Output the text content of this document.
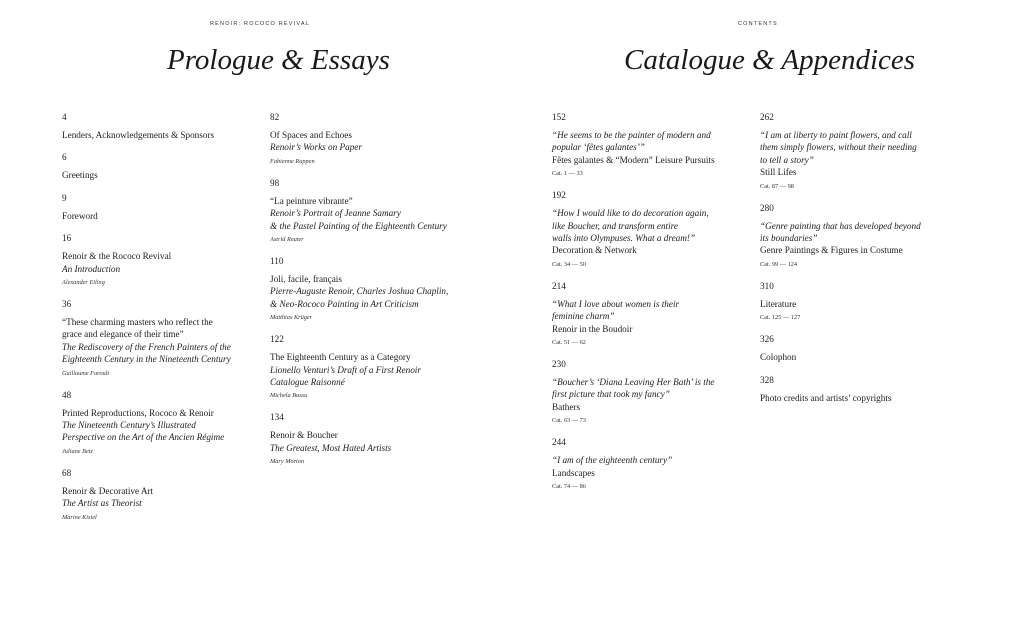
RENOIR: ROCOCO REVIVAL
Prologue & Essays
4
Lenders, Acknowledgements & Sponsors
6
Greetings
9
Foreword
16
Renoir & the Rococo Revival
An Introduction
Alexander Eiling
36
“These charming masters who reflect the
grace and elegance of their time”
The Rediscovery of the French Painters of the
Eighteenth Century in the Nineteenth Century
Guillaume Faroult
48
Printed Reproductions, Rococo & Renoir
The Nineteenth Century’s Illustrated
Perspective on the Art of the Ancien Régime
Juliane Betz
68
Renoir & Decorative Art
The Artist as Theorist
Marine Kisiel
82
Of Spaces and Echoes
Renoir’s Works on Paper
Fabienne Ruppen
98
“La peinture vibrante”
Renoir’s Portrait of Jeanne Samary
& the Pastel Painting of the Eighteenth Century
Astrid Reuter
110
Joli, facile, français
Pierre-Auguste Renoir, Charles Joshua Chaplin,
& Neo-Rococo Painting in Art Criticism
Matthias Krüger
122
The Eighteenth Century as a Category
Lionello Venturi’s Draft of a First Renoir
Catalogue Raisonné
Michela Bassu
134
Renoir & Boucher
The Greatest, Most Hated Artists
Mary Morton
CONTENTS
Catalogue & Appendices
152
“He seems to be the painter of modern and
popular ‘fêtes galantes’”
Fêtes galantes & “Modern” Leisure Pursuits
Cat. 1 — 33
192
“How I would like to do decoration again,
like Boucher, and transform entire
walls into Olympuses. What a dream!”
Decoration & Network
Cat. 34 — 50
214
“What I love about women is their
feminine charm”
Renoir in the Boudoir
Cat. 51 — 62
230
“Boucher’s ‘Diana Leaving Her Bath’ is the
first picture that took my fancy”
Bathers
Cat. 63 — 73
244
“I am of the eighteenth century”
Landscapes
Cat. 74 — 86
262
“I am at liberty to paint flowers, and call
them simply flowers, without their needing
to tell a story”
Still Lifes
Cat. 87 — 98
280
“Genre painting that has developed beyond
its boundaries”
Genre Paintings & Figures in Costume
Cat. 99 — 124
310
Literature
Cat. 125 — 127
326
Colophon
328
Photo credits and artists’ copyrights
